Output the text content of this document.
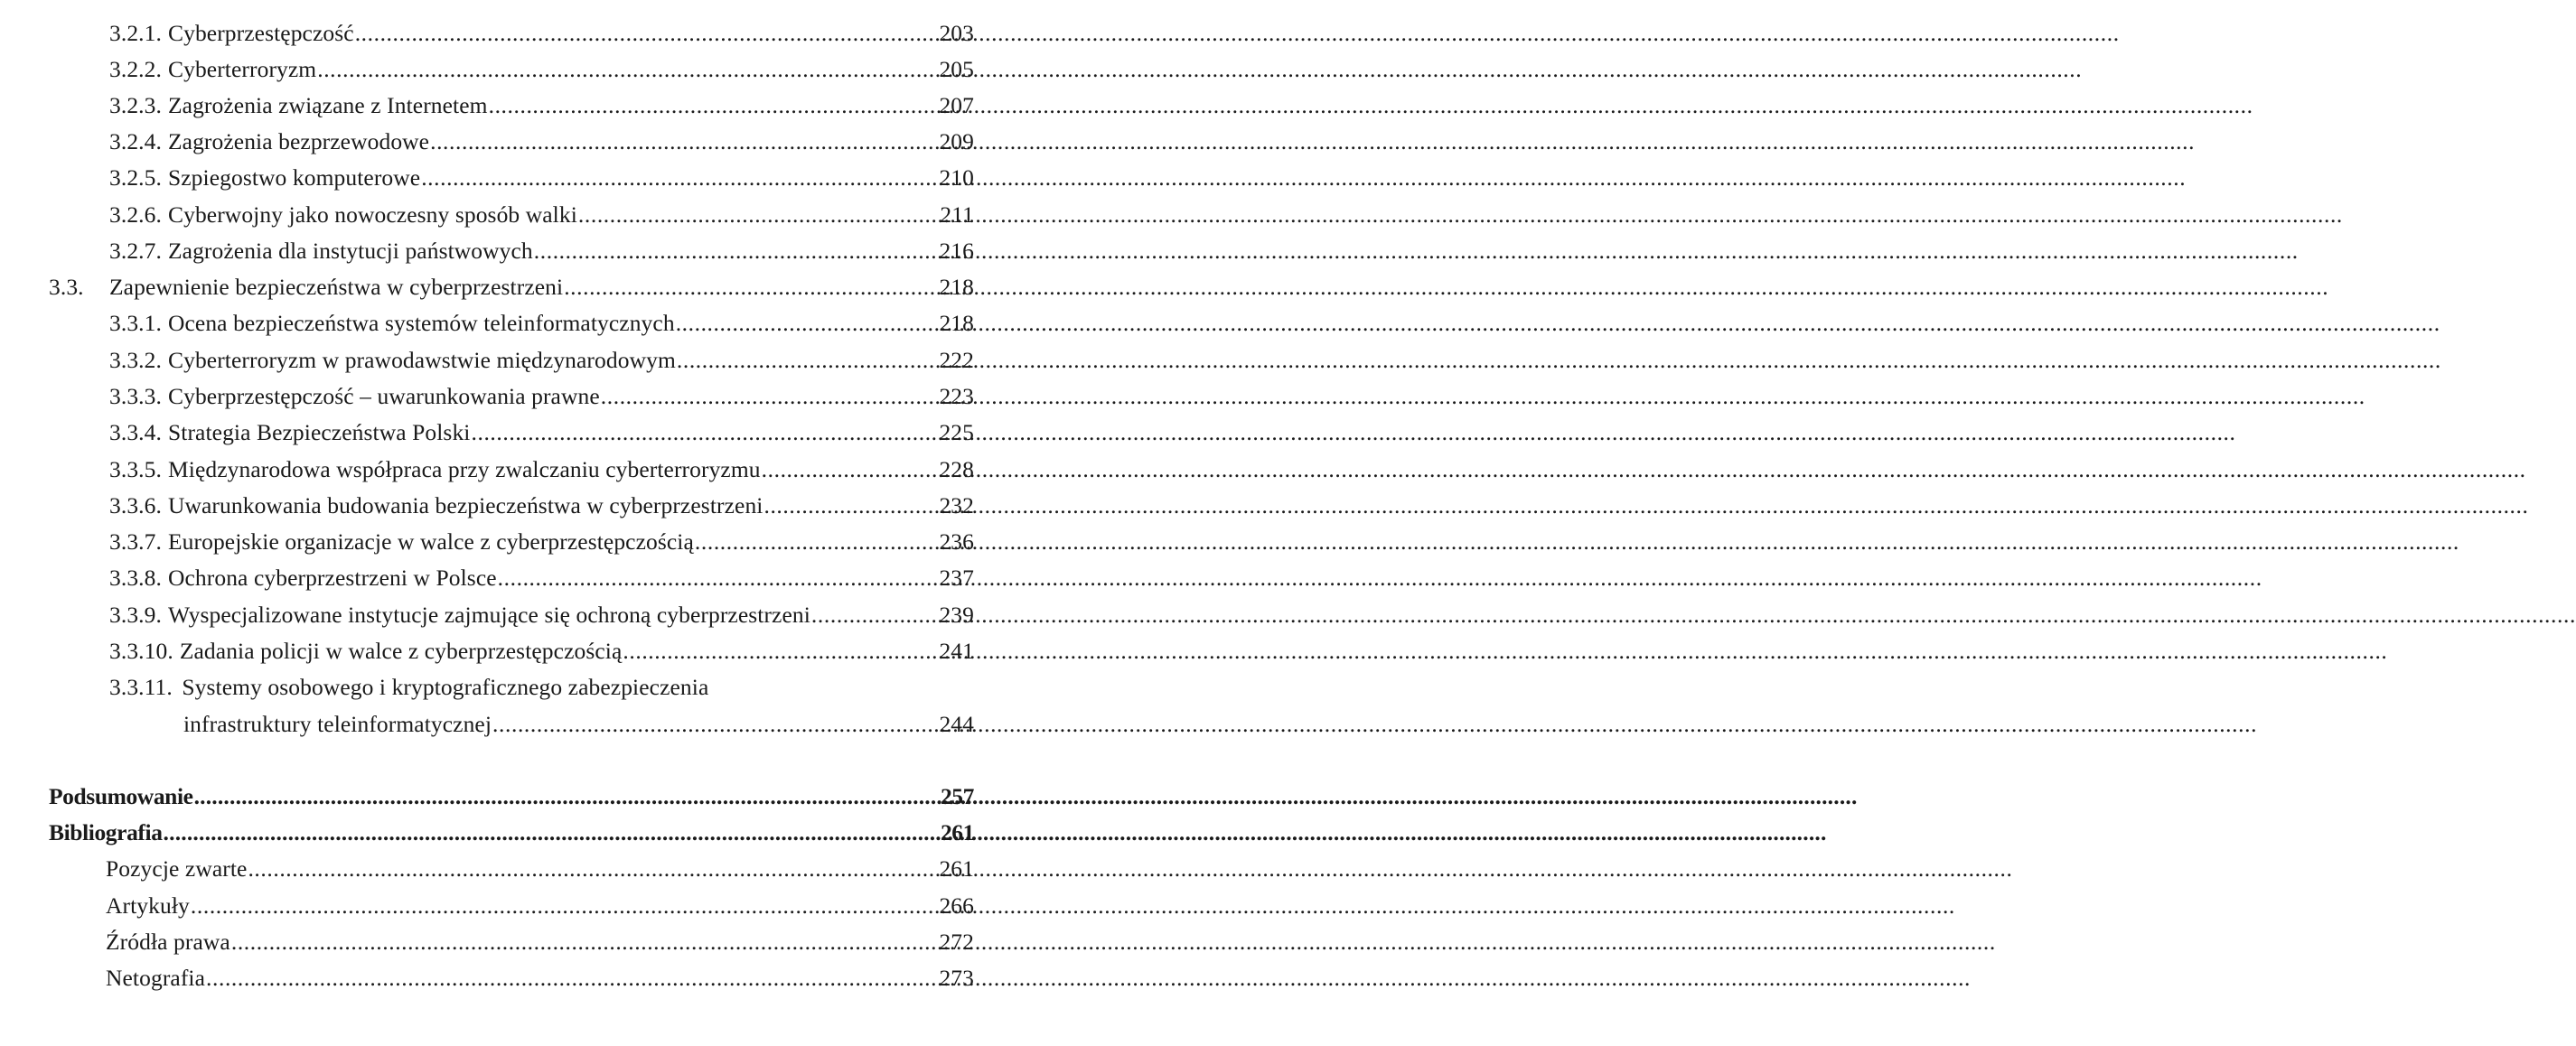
3.2.1. Cyberprzestępczość .....	203
3.2.2. Cyberterroryzm .....	205
3.2.3. Zagrożenia związane z Internetem .....	207
3.2.4. Zagrożenia bezprzewodowe .....	209
3.2.5. Szpiegostwo komputerowe .....	210
3.2.6. Cyberwojny jako nowoczesny sposób walki .....	211
3.2.7. Zagrożenia dla instytucji państwowych .....	216
3.3.	Zapewnienie bezpieczeństwa w cyberprzestrzeni .....	218
3.3.1. Ocena bezpieczeństwa systemów teleinformatycznych .....	218
3.3.2. Cyberterroryzm w prawodawstwie międzynarodowym .....	222
3.3.3. Cyberprzestępczość – uwarunkowania prawne .....	223
3.3.4. Strategia Bezpieczeństwa Polski .....	225
3.3.5. Międzynarodowa współpraca przy zwalczaniu cyberterroryzmu .....	228
3.3.6. Uwarunkowania budowania bezpieczeństwa w cyberprzestrzeni .....	232
3.3.7. Europejskie organizacje w walce z cyberprzestępczością .....	236
3.3.8. Ochrona cyberprzestrzeni w Polsce .....	237
3.3.9. Wyspecjalizowane instytucje zajmujące się ochroną cyberprzestrzeni .....	239
3.3.10. Zadania policji w walce z cyberprzestępczością .....	241
3.3.11. Systemy osobowego i kryptograficznego zabezpieczenia
infrastruktury teleinformatycznej .....	244
Podsumowanie .....	257
Bibliografia .....	261
Pozycje zwarte .....	261
Artykuły .....	266
Źródła prawa .....	272
Netografia .....	273
